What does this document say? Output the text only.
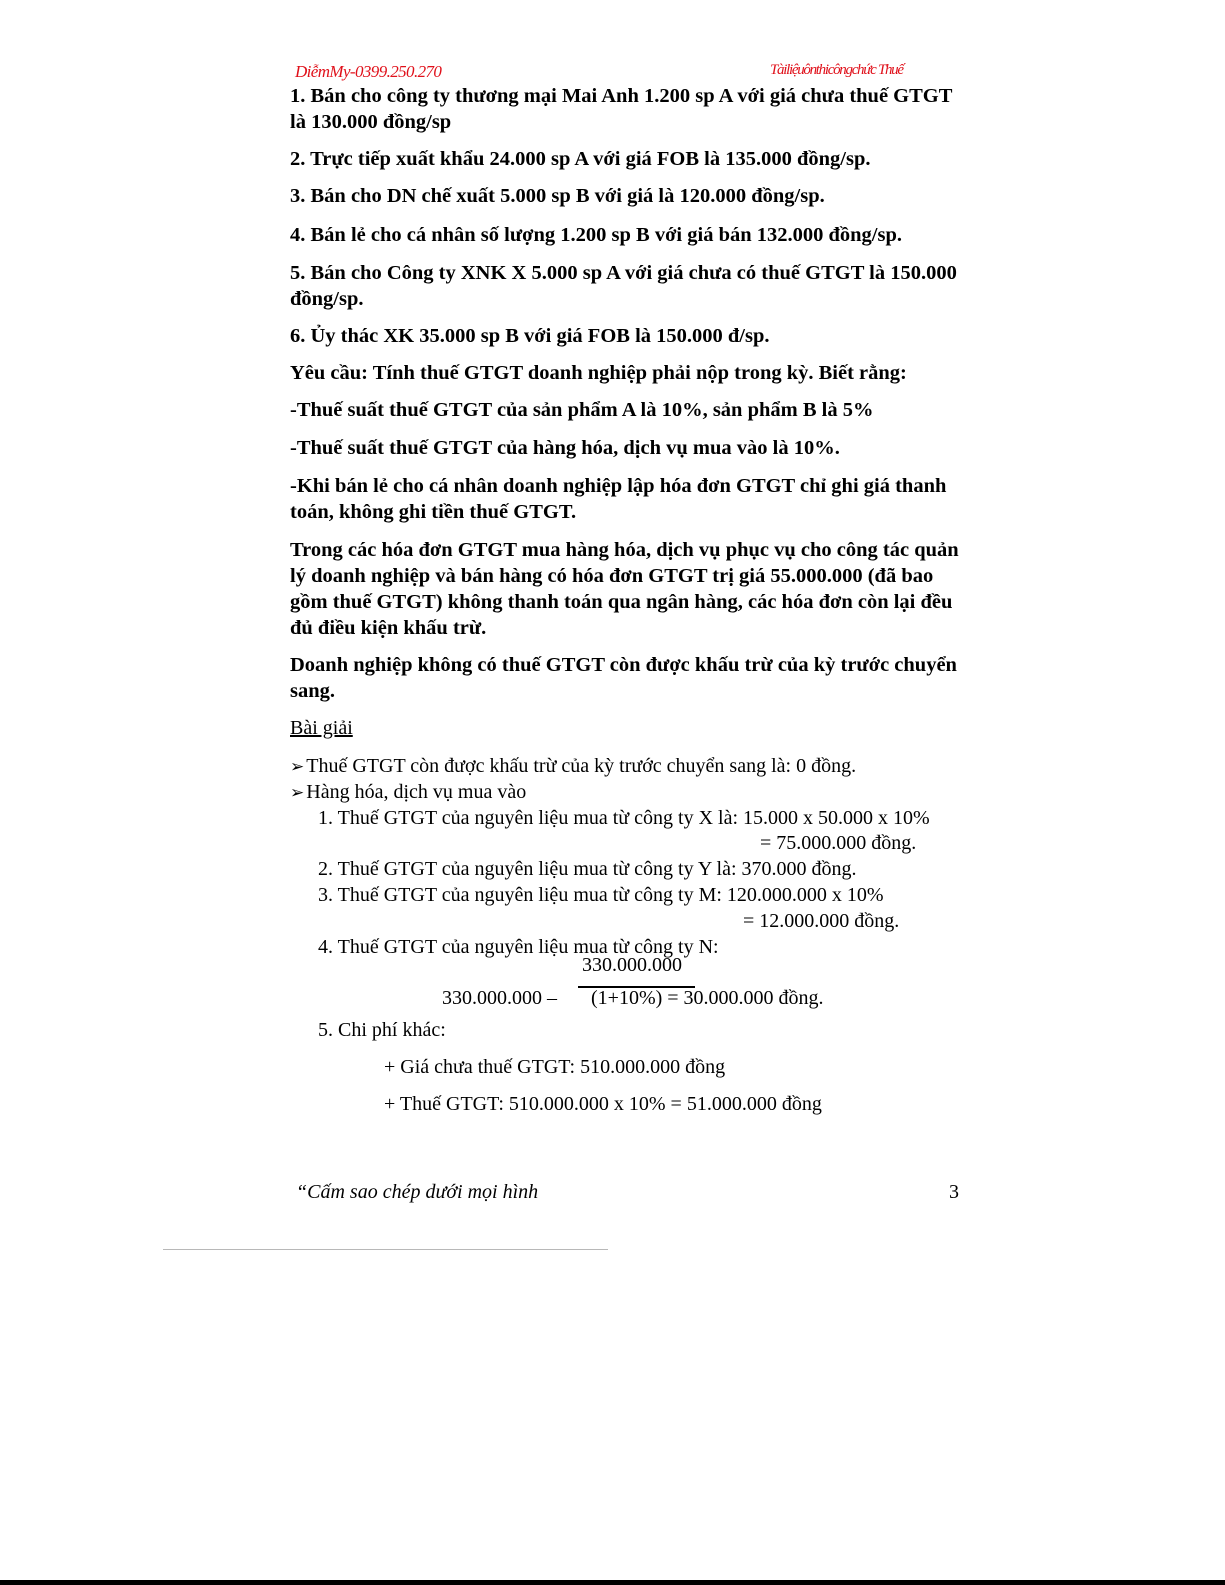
DiễmMy-0399.250.270	Tàiliệuônthicôngchức Thuế
1. Bán cho công ty thương mại Mai Anh 1.200 sp A với giá chưa thuế GTGT là 130.000 đồng/sp
2. Trực tiếp xuất khẩu 24.000 sp A với giá FOB là 135.000 đồng/sp.
3. Bán cho DN chế xuất 5.000 sp B với giá là 120.000 đồng/sp.
4. Bán lẻ cho cá nhân số lượng 1.200 sp B với giá bán 132.000 đồng/sp.
5. Bán cho Công ty XNK X 5.000 sp A với giá chưa có thuế GTGT là 150.000 đồng/sp.
6. Ủy thác XK 35.000 sp B với giá FOB là 150.000 đ/sp.
Yêu cầu: Tính thuế GTGT doanh nghiệp phải nộp trong kỳ. Biết rằng:
-Thuế suất thuế GTGT của sản phẩm A là 10%, sản phẩm B là 5%
-Thuế suất thuế GTGT của hàng hóa, dịch vụ mua vào là 10%.
-Khi bán lẻ cho cá nhân doanh nghiệp lập hóa đơn GTGT chỉ ghi giá thanh toán, không ghi tiền thuế GTGT.
Trong các hóa đơn GTGT mua hàng hóa, dịch vụ phục vụ cho công tác quản lý doanh nghiệp và bán hàng có hóa đơn GTGT trị giá 55.000.000 (đã bao gồm thuế GTGT) không thanh toán qua ngân hàng, các hóa đơn còn lại đều đủ điều kiện khấu trừ.
Doanh nghiệp không có thuế GTGT còn được khấu trừ của kỳ trước chuyển sang.
Bài giải
➢ Thuế GTGT còn được khấu trừ của kỳ trước chuyển sang là: 0 đồng.
➢ Hàng hóa, dịch vụ mua vào
1. Thuế GTGT của nguyên liệu mua từ công ty X là: 15.000 x 50.000 x 10%
= 75.000.000 đồng.
2. Thuế GTGT của nguyên liệu mua từ công ty Y là: 370.000 đồng.
3. Thuế GTGT của nguyên liệu mua từ công ty M: 120.000.000 x 10%
= 12.000.000 đồng.
4. Thuế GTGT của nguyên liệu mua từ công ty N:
330.000.000
330.000.000 – (1+10%) = 30.000.000 đồng.
5. Chi phí khác:
+ Giá chưa thuế GTGT: 510.000.000 đồng
+ Thuế GTGT: 510.000.000 x 10% = 51.000.000 đồng
“Cấm sao chép dưới mọi hình	3
